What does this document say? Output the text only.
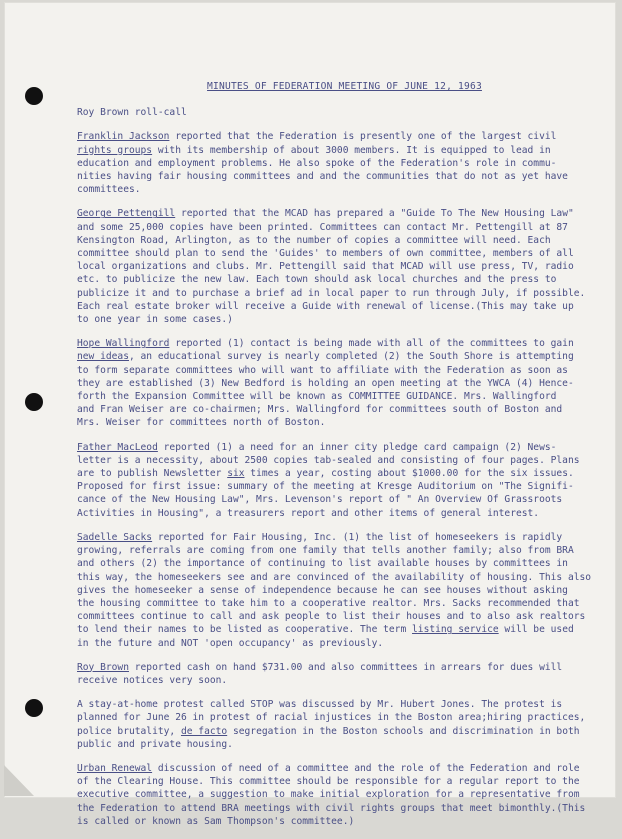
MINUTES OF FEDERATION MEETING OF JUNE 12, 1963
Roy Brown roll-call
Franklin Jackson reported that the Federation is presently one of the largest civil
rights groups with its membership of about 3000 members. It is equipped to lead in
education and employment problems. He also spoke of the Federation's role in commu-
nities having fair housing committees and and the communities that do not as yet have
committees.
George Pettengill reported that the MCAD has prepared a "Guide To The New Housing Law"
and some 25,000 copies have been printed. Committees can contact Mr. Pettengill at 87
Kensington Road, Arlington, as to the number of copies a committee will need. Each
committee should plan to send the 'Guides' to members of own committee, members of all
local organizations and clubs. Mr. Pettengill said that MCAD will use press, TV, radio
etc. to publicize the new law. Each town should ask local churches and the press to
publicize it and to purchase a brief ad in local paper to run through July, if possible.
Each real estate broker will receive a Guide with renewal of license.(This may take up
to one year in some cases.)
Hope Wallingford reported (1) contact is being made with all of the committees to gain
new ideas, an educational survey is nearly completed (2) the South Shore is attempting
to form separate committees who will want to affiliate with the Federation as soon as
they are established (3) New Bedford is holding an open meeting at the YWCA (4) Hence-
forth the Expansion Committee will be known as COMMITTEE GUIDANCE. Mrs. Wallingford
and Fran Weiser are co-chairmen; Mrs. Wallingford for committees south of Boston and
Mrs. Weiser for committees north of Boston.
Father MacLeod reported (1) a need for an inner city pledge card campaign (2) News-
letter is a necessity, about 2500 copies tab-sealed and consisting of four pages. Plans
are to publish Newsletter six times a year, costing about $1000.00 for the six issues.
Proposed for first issue: summary of the meeting at Kresge Auditorium on "The Signifi-
cance of the New Housing Law", Mrs. Levenson's report of " An Overview Of Grassroots
Activities in Housing", a treasurers report and other items of general interest.
Sadelle Sacks reported for Fair Housing, Inc. (1) the list of homeseekers is rapidly
growing, referrals are coming from one family that tells another family; also from BRA
and others (2) the importance of continuing to list available houses by committees in
this way, the homeseekers see and are convinced of the availability of housing. This also
gives the homeseeker a sense of independence because he can see houses without asking
the housing committee to take him to a cooperative realtor. Mrs. Sacks recommended that
committees continue to call and ask people to list their houses and to also ask realtors
to lend their names to be listed as cooperative. The term listing service will be used
in the future and NOT 'open occupancy' as previously.
Roy Brown reported cash on hand $731.00 and also committees in arrears for dues will
receive notices very soon.
A stay-at-home protest called STOP was discussed by Mr. Hubert Jones. The protest is
planned for June 26 in protest of racial injustices in the Boston area;hiring practices,
police brutality, de facto segregation in the Boston schools and discrimination in both
public and private housing.
Urban Renewal discussion of need of a committee and the role of the Federation and role
of the Clearing House. This committee should be responsible for a regular report to the
executive committee, a suggestion to make initial exploration for a representative from
the Federation to attend BRA meetings with civil rights groups that meet bimonthly.(This
is called or known as Sam Thompson's committee.)
